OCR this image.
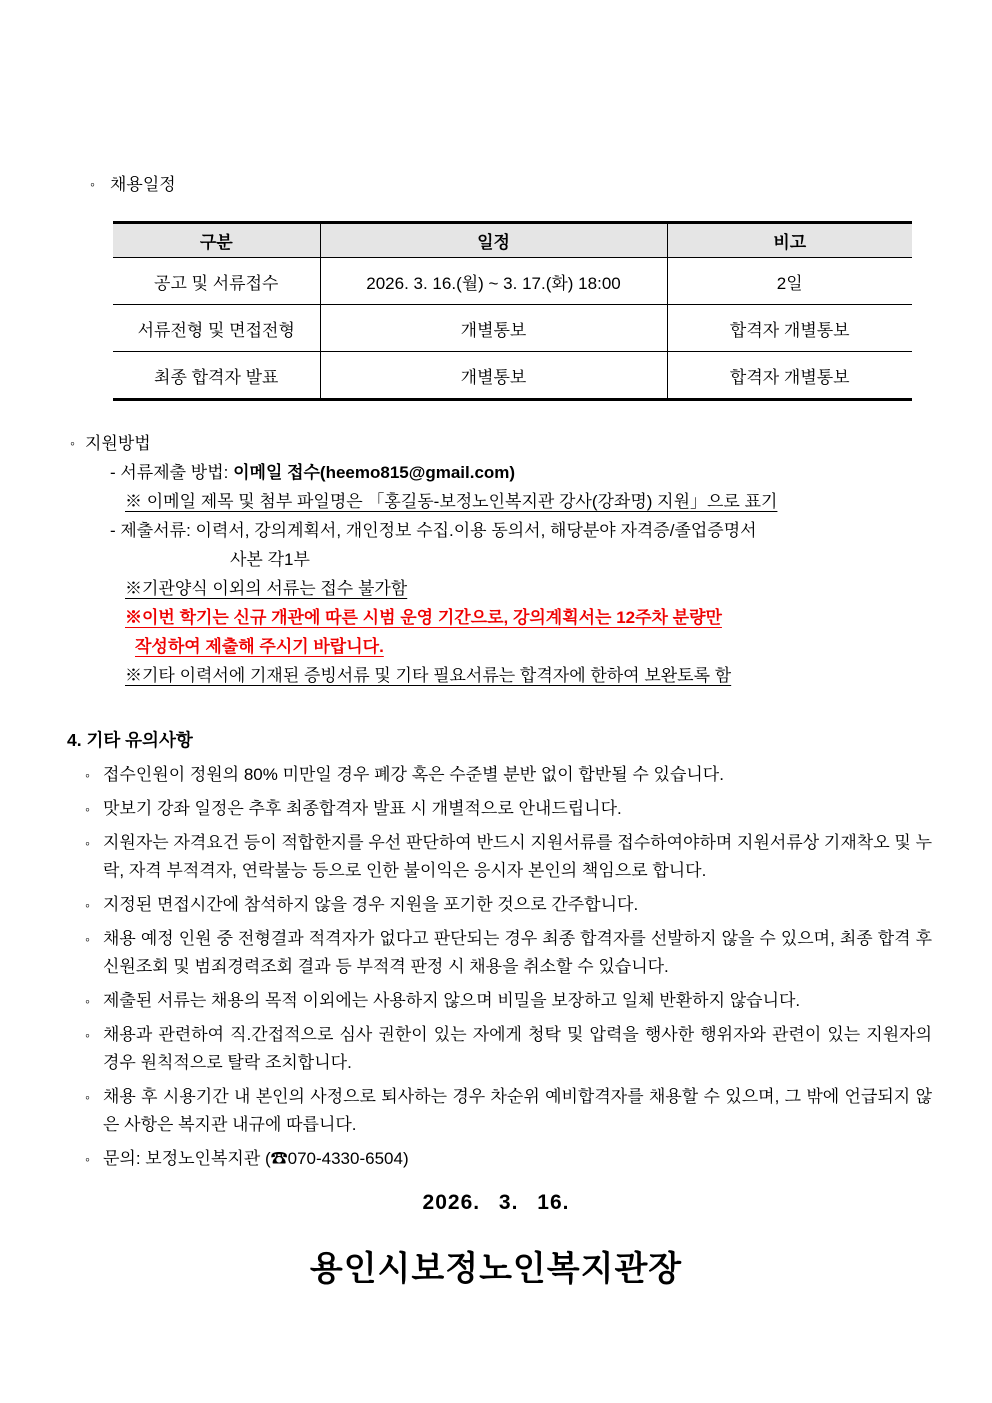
◦ 채용일정
구분	일정	비고
공고 및 서류접수	2026. 3. 16.(월) ~ 3. 17.(화) 18:00	2일
서류전형 및 면접전형	개별통보	합격자 개별통보
최종 합격자 발표	개별통보	합격자 개별통보
◦ 지원방법
- 서류제출 방법: 이메일 접수(heemo815@gmail.com)
※ 이메일 제목 및 첨부 파일명은 「홍길동-보정노인복지관 강사(강좌명) 지원」으로 표기
- 제출서류: 이력서, 강의계획서, 개인정보 수집.이용 동의서, 해당분야 자격증/졸업증명서
사본 각1부
※기관양식 이외의 서류는 접수 불가함
※이번 학기는 신규 개관에 따른 시범 운영 기간으로, 강의계획서는 12주차 분량만
작성하여 제출해 주시기 바랍니다.
※기타 이력서에 기재된 증빙서류 및 기타 필요서류는 합격자에 한하여 보완토록 함
4. 기타 유의사항
◦ 접수인원이 정원의 80% 미만일 경우 폐강 혹은 수준별 분반 없이 합반될 수 있습니다.
◦ 맛보기 강좌 일정은 추후 최종합격자 발표 시 개별적으로 안내드립니다.
◦ 지원자는 자격요건 등이 적합한지를 우선 판단하여 반드시 지원서류를 접수하여야하며 지원서류상 기재착오 및 누락, 자격 부적격자, 연락불능 등으로 인한 불이익은 응시자 본인의 책임으로 합니다.
◦ 지정된 면접시간에 참석하지 않을 경우 지원을 포기한 것으로 간주합니다.
◦ 채용 예정 인원 중 전형결과 적격자가 없다고 판단되는 경우 최종 합격자를 선발하지 않을 수 있으며, 최종 합격 후 신원조회 및 범죄경력조회 결과 등 부적격 판정 시 채용을 취소할 수 있습니다.
◦ 제출된 서류는 채용의 목적 이외에는 사용하지 않으며 비밀을 보장하고 일체 반환하지 않습니다.
◦ 채용과 관련하여 직.간접적으로 심사 권한이 있는 자에게 청탁 및 압력을 행사한 행위자와 관련이 있는 지원자의 경우 원칙적으로 탈락 조치합니다.
◦ 채용 후 시용기간 내 본인의 사정으로 퇴사하는 경우 차순위 예비합격자를 채용할 수 있으며, 그 밖에 언급되지 않은 사항은 복지관 내규에 따릅니다.
◦ 문의: 보정노인복지관 (☎070-4330-6504)
2026. 3. 16.
용인시보정노인복지관장
